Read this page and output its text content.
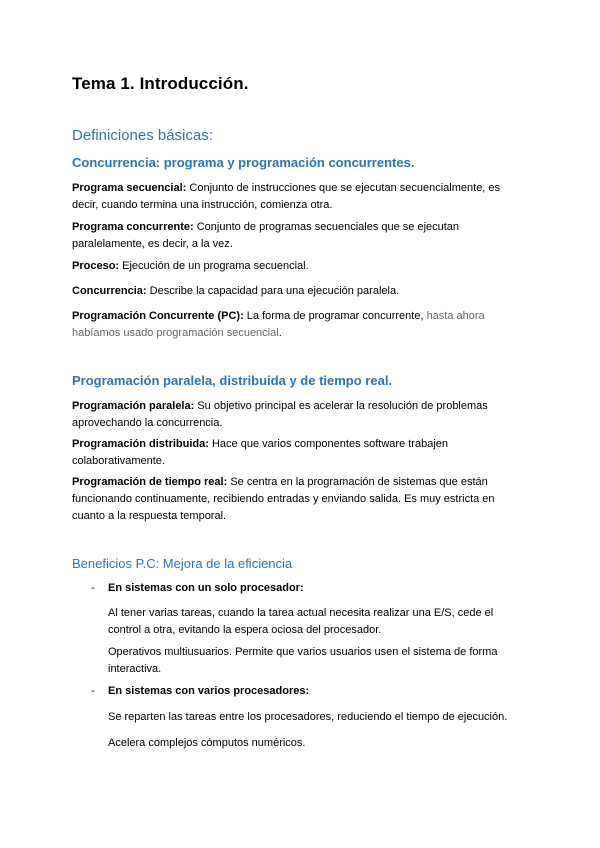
Tema 1. Introducción.
Definiciones básicas:
Concurrencia: programa y programación concurrentes.

Programa secuencial: Conjunto de instrucciones que se ejecutan secuencialmente, es decir, cuando termina una instrucción, comienza otra.

Programa concurrente: Conjunto de programas secuenciales que se ejecutan paralelamente, es decir, a la vez.

Proceso: Ejecución de un programa secuencial.

Concurrencia: Describe la capacidad para una ejecución paralela.

Programación Concurrente (PC): La forma de programar concurrente, hasta ahora habíamos usado programación secuencial.

Programación paralela, distribuida y de tiempo real.

Programación paralela: Su objetivo principal es acelerar la resolución de problemas aprovechando la concurrencia.

Programación distribuida: Hace que varios componentes software trabajen colaborativamente.

Programación de tiempo real: Se centra en la programación de sistemas que están funcionando continuamente, recibiendo entradas y enviando salida. Es muy estricta en cuanto a la respuesta temporal.

Beneficios P.C: Mejora de la eficiencia
- En sistemas con un solo procesador:

Al tener varias tareas, cuando la tarea actual necesita realizar una E/S, cede el control a otra, evitando la espera ociosa del procesador.

Operativos multiusuarios. Permite que varios usuarios usen el sistema de forma interactiva.

- En sistemas con varios procesadores:

Se reparten las tareas entre los procesadores, reduciendo el tiempo de ejecución.

Acelera complejos cómputos numéricos.
